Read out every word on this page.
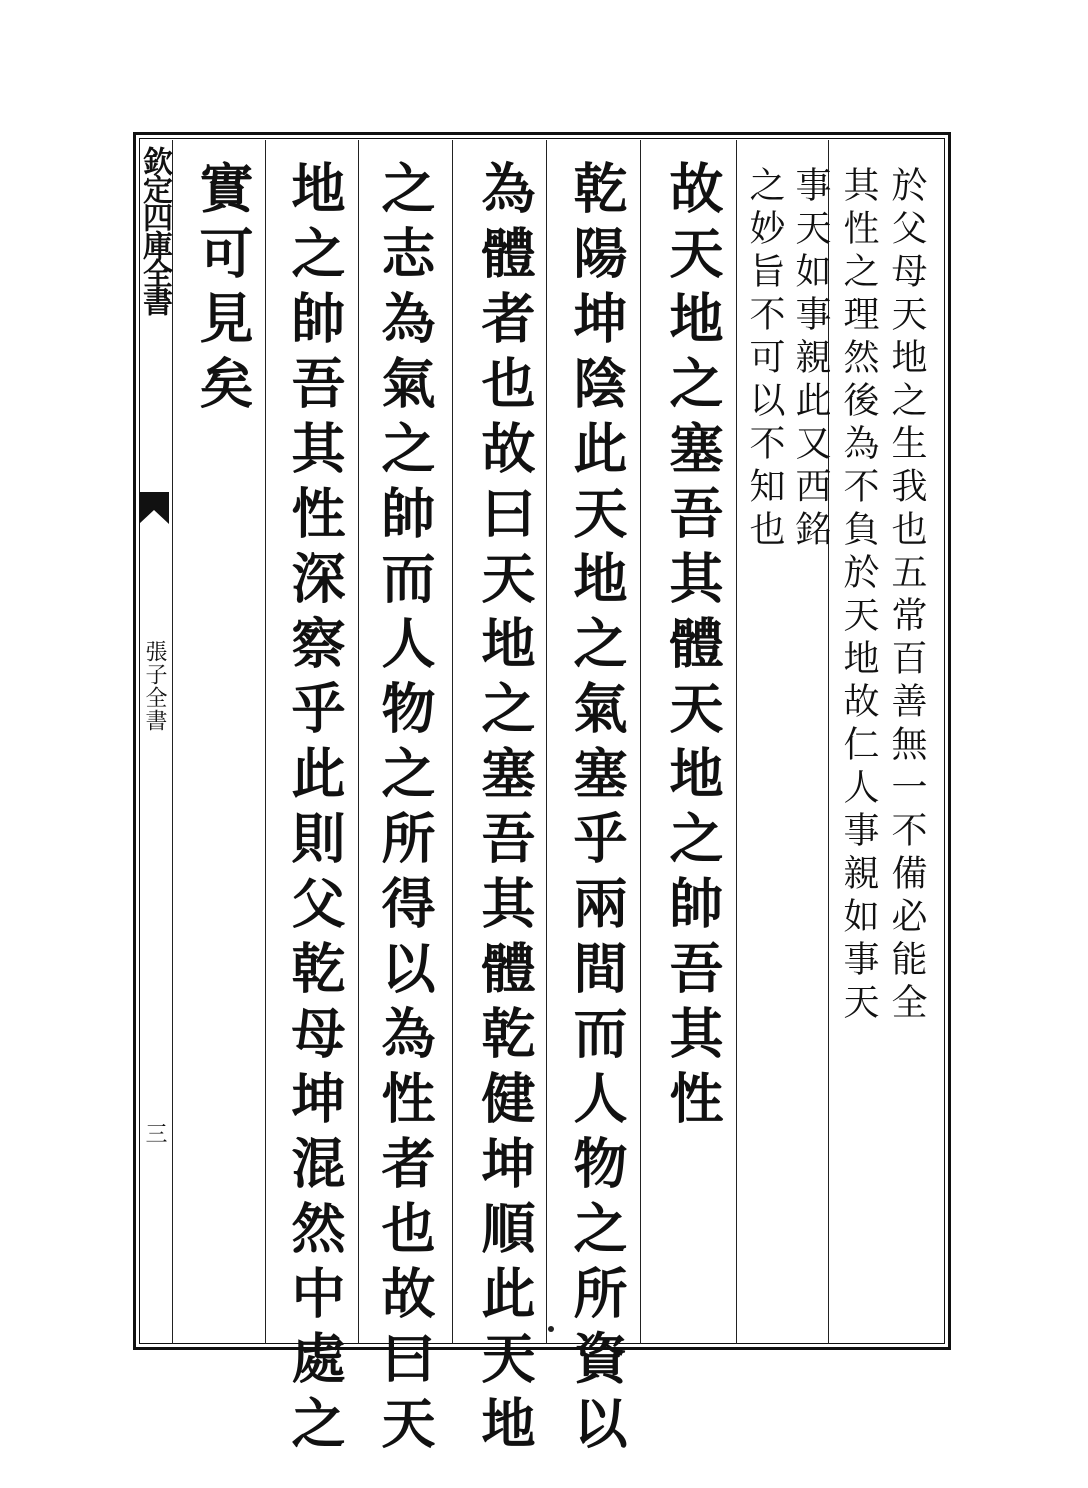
欽定四庫全書
張子全書
三
於父母天地之生我也五常百善無一不備必能全
其性之理然後為不負於天地故仁人事親如事天
事天如事親此又西銘
故天地之塞吾其體天地之帥吾其性
乾陽坤陰此天地之氣塞乎兩間而人物之所資以
為體者也故曰天地之塞吾其體乾健坤順此天地
之志為氣之帥而人物之所得以為性者也故曰天
地之帥吾其性深察乎此則父乾母坤混然中處之
實可見矣	之妙旨不可以不知也
